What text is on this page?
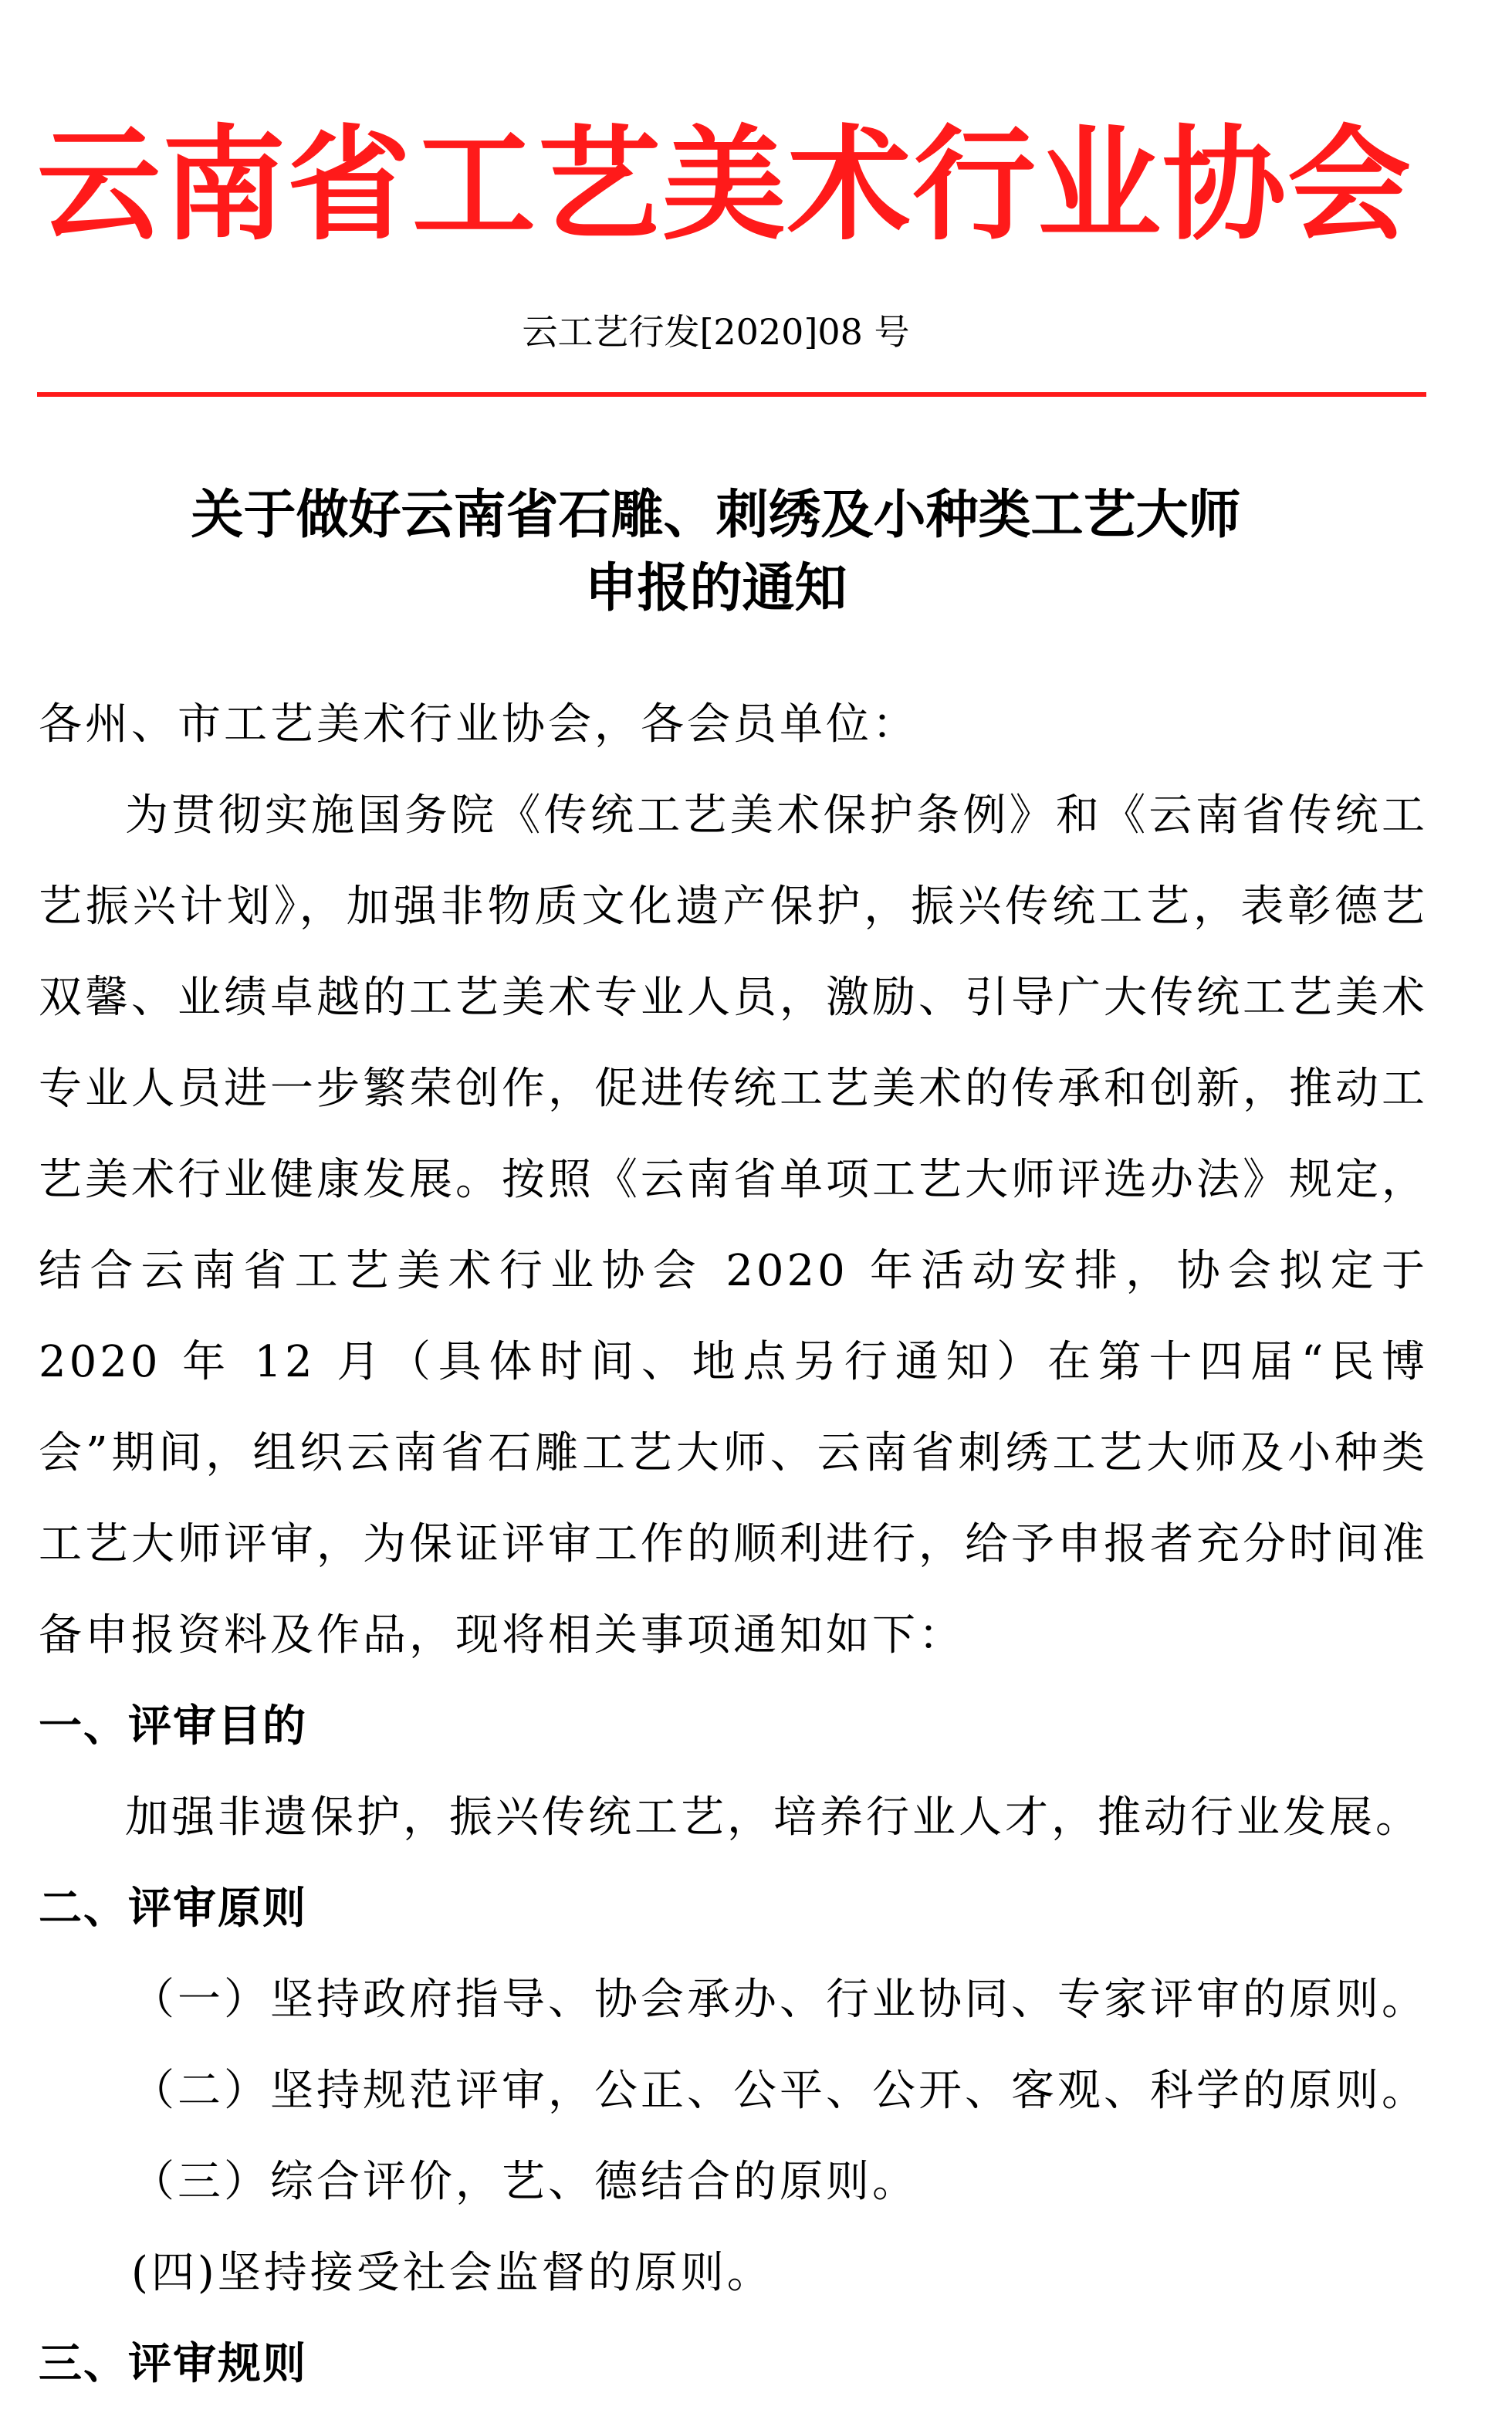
云南省工艺美术行业协会
云工艺行发[2020]08 号
关于做好云南省石雕、刺绣及小种类工艺大师
申报的通知

各州、市工艺美术行业协会，各会员单位：

为贯彻实施国务院《传统工艺美术保护条例》和《云南省传统工艺振兴计划》，加强非物质文化遗产保护，振兴传统工艺，表彰德艺双馨、业绩卓越的工艺美术专业人员，激励、引导广大传统工艺美术专业人员进一步繁荣创作，促进传统工艺美术的传承和创新，推动工艺美术行业健康发展。按照《云南省单项工艺大师评选办法》规定，结合云南省工艺美术行业协会 2020 年活动安排，协会拟定于 2020 年 12 月（具体时间、地点另行通知）在第十四届“民博会”期间，组织云南省石雕工艺大师、云南省刺绣工艺大师及小种类工艺大师评审，为保证评审工作的顺利进行，给予申报者充分时间准备申报资料及作品，现将相关事项通知如下：

一、评审目的

加强非遗保护，振兴传统工艺，培养行业人才，推动行业发展。

二、评审原则

（一）坚持政府指导、协会承办、行业协同、专家评审的原则。

（二）坚持规范评审，公正、公平、公开、客观、科学的原则。

（三）综合评价，艺、德结合的原则。

(四)坚持接受社会监督的原则。

三、评审规则
